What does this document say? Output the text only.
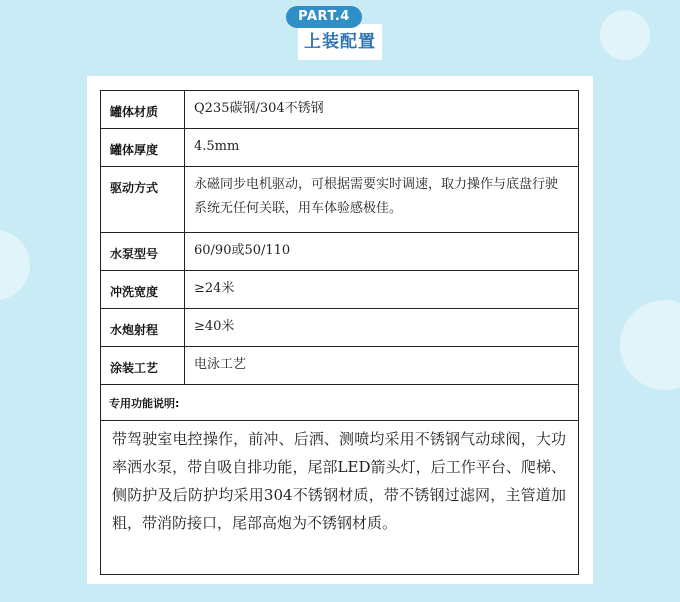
PART.4
上装配置
罐体材质	Q235碳钢/304不锈钢
罐体厚度	4.5mm
驱动方式	永磁同步电机驱动，可根据需要实时调速，取力操作与底盘行驶系统无任何关联，用车体验感极佳。
水泵型号	60/90或50/110
冲洗宽度	≥24米
水炮射程	≥40米
涂装工艺	电泳工艺
专用功能说明:	
带驾驶室电控操作，前冲、后洒、测喷均采用不锈钢气动球阀，大功率洒水泵，带自吸自排功能，尾部LED箭头灯，后工作平台、爬梯、侧防护及后防护均采用304不锈钢材质，带不锈钢过滤网，主管道加粗，带消防接口，尾部高炮为不锈钢材质。	
